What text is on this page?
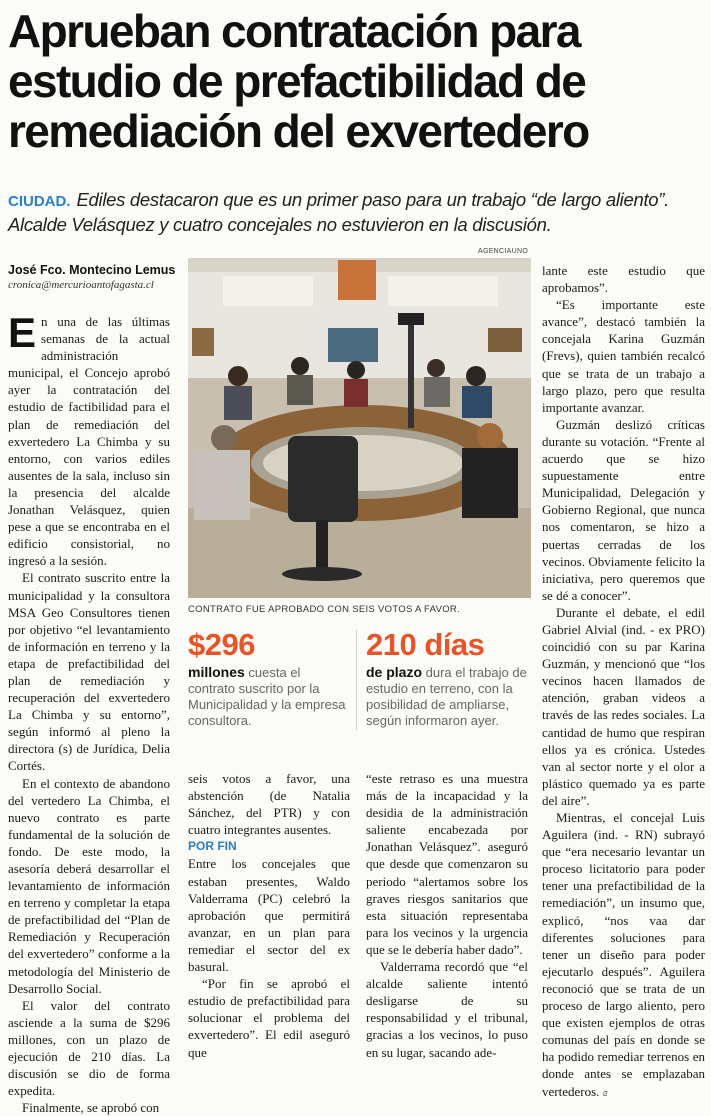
Aprueban contratación para
estudio de prefactibilidad de
remediación del exvertedero
CIUDAD. Ediles destacaron que es un primer paso para un trabajo “de largo aliento”. Alcalde Velásquez y cuatro concejales no estuvieron en la discusión.
José Fco. Montecino Lemus
cronica@mercurioantofagasta.cl
AGENCIAUNO
CONTRATO FUE APROBADO CON SEIS VOTOS A FAVOR.
$296
millones cuesta el contrato suscrito por la Municipalidad y la empresa consultora.
210 días
de plazo dura el trabajo de estudio en terreno, con la posibilidad de ampliarse, según informaron ayer.

En una de las últimas semanas de la actual administración municipal, el Concejo aprobó ayer la contratación del estudio de factibilidad para el plan de remediación del exvertedero La Chimba y su entorno, con varios ediles ausentes de la sala, incluso sin la presencia del alcalde Jonathan Velásquez, quien pese a que se encontraba en el edificio consistorial, no ingresó a la sesión.

El contrato suscrito entre la municipalidad y la consultora MSA Geo Consultores tienen por objetivo “el levantamiento de información en terreno y la etapa de prefactibilidad del plan de remediación y recuperación del exvertedero La Chimba y su entorno”, según informó al pleno la directora (s) de Jurídica, Delia Cortés.

En el contexto de abandono del vertedero La Chimba, el nuevo contrato es parte fundamental de la solución de fondo. De este modo, la asesoría deberá desarrollar el levantamiento de información en terreno y completar la etapa de prefactibilidad del “Plan de Remediación y Recuperación del exvertedero” conforme a la metodología del Ministerio de Desarrollo Social.

El valor del contrato asciende a la suma de $296 millones, con un plazo de ejecución de 210 días. La discusión se dio de forma expedita.

Finalmente, se aprobó con

seis votos a favor, una abstención (de Natalia Sánchez, del PTR) y con cuatro integrantes ausentes.

POR FIN

Entre los concejales que estaban presentes, Waldo Valderrama (PC) celebró la aprobación que permitirá avanzar, en un plan para remediar el sector del ex basural.

“Por fin se aprobó el estudio de prefactibilidad para solucionar el problema del exvertedero”. El edil aseguró que

“este retraso es una muestra más de la incapacidad y la desidia de la administración saliente encabezada por Jonathan Velásquez”. aseguró que desde que comenzaron su periodo “alertamos sobre los graves riesgos sanitarios que esta situación representaba para los vecinos y la urgencia que se le debería haber dado”.

Valderrama recordó que “el alcalde saliente intentó desligarse de su responsabilidad y el tribunal, gracias a los vecinos, lo puso en su lugar, sacando ade-

lante este estudio que aprobamos”.

“Es importante este avance”, destacó también la concejala Karina Guzmán (Frevs), quien también recalcó que se trata de un trabajo a largo plazo, pero que resulta importante avanzar.

Guzmán deslizó críticas durante su votación. “Frente al acuerdo que se hizo supuestamente entre Municipalidad, Delegación y Gobierno Regional, que nunca nos comentaron, se hizo a puertas cerradas de los vecinos. Obviamente felicito la iniciativa, pero queremos que se dé a conocer”.

Durante el debate, el edil Gabriel Alvial (ind. - ex PRO) coincidió con su par Karina Guzmán, y mencionó que “los vecinos hacen llamados de atención, graban videos a través de las redes sociales. La cantidad de humo que respiran ellos ya es crónica. Ustedes van al sector norte y el olor a plástico quemado ya es parte del aire”.

Mientras, el concejal Luis Aguilera (ind. - RN) subrayó que “era necesario levantar un proceso licitatorio para poder tener una prefactibilidad de la remediación”, un insumo que, explicó, “nos vaa dar diferentes soluciones para tener un diseño para poder ejecutarlo después”. Aguilera reconoció que se trata de un proceso de largo aliento, pero que existen ejemplos de otras comunas del país en donde se ha podido remediar terrenos en donde antes se emplazaban vertederos. ɞ
